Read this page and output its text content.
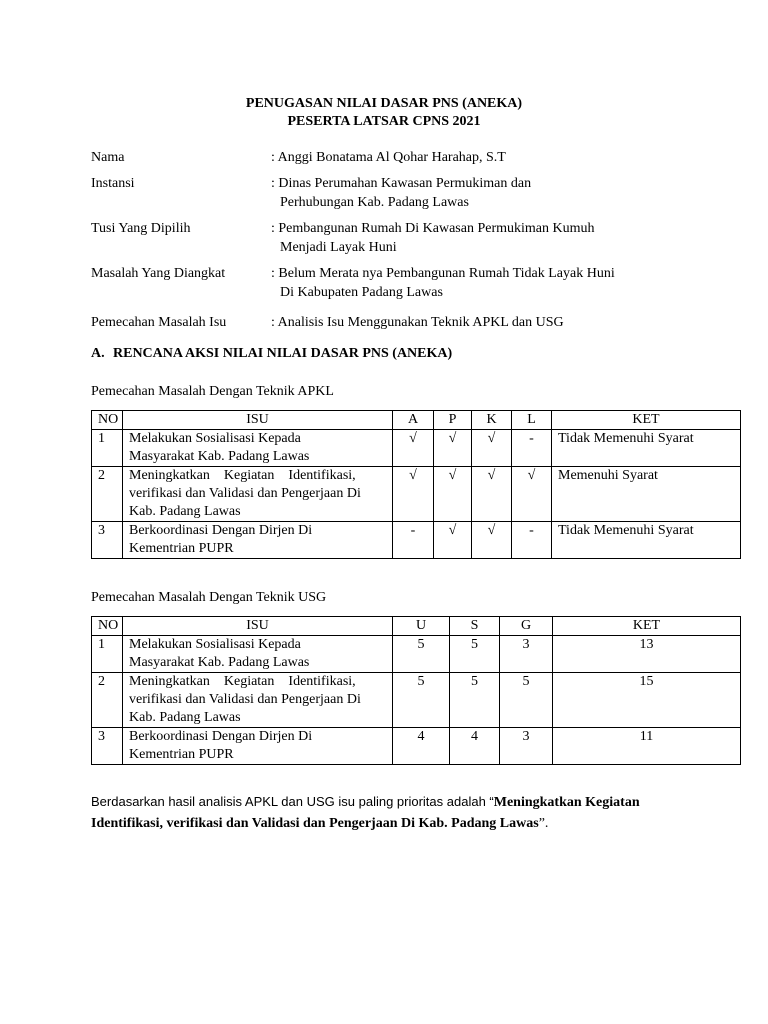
PENUGASAN NILAI DASAR PNS (ANEKA)
PESERTA LATSAR CPNS 2021
Nama	: Anggi Bonatama Al Qohar Harahap, S.T
Instansi	: Dinas Perumahan Kawasan Permukiman dan
Perhubungan Kab. Padang Lawas
Tusi Yang Dipilih	: Pembangunan Rumah Di Kawasan Permukiman Kumuh
Menjadi Layak Huni
Masalah Yang Diangkat	: Belum Merata nya Pembangunan Rumah Tidak Layak Huni
Di Kabupaten Padang Lawas
Pemecahan Masalah Isu	: Analisis Isu Menggunakan Teknik APKL dan USG
A. RENCANA AKSI NILAI NILAI DASAR PNS (ANEKA)
Pemecahan Masalah Dengan Teknik APKL
NO	ISU	A	P	K	L	KET
1	Melakukan Sosialisasi Kepada
Masyarakat Kab. Padang Lawas	√	√	√	-	Tidak Memenuhi Syarat
2	Meningkatkan    Kegiatan    Identifikasi,
verifikasi dan Validasi dan Pengerjaan Di
Kab. Padang Lawas	√	√	√	√	Memenuhi Syarat
3	Berkoordinasi Dengan Dirjen Di
Kementrian PUPR	-	√	√	-	Tidak Memenuhi Syarat
Pemecahan Masalah Dengan Teknik USG
NO	ISU	U	S	G	KET
1	Melakukan Sosialisasi Kepada
Masyarakat Kab. Padang Lawas	5	5	3	13
2	Meningkatkan    Kegiatan    Identifikasi,
verifikasi dan Validasi dan Pengerjaan Di
Kab. Padang Lawas	5	5	5	15
3	Berkoordinasi Dengan Dirjen Di
Kementrian PUPR	4	4	3	11
Berdasarkan hasil analisis APKL dan USG isu paling prioritas adalah “Meningkatkan Kegiatan Identifikasi, verifikasi dan Validasi dan Pengerjaan Di Kab. Padang Lawas”.
